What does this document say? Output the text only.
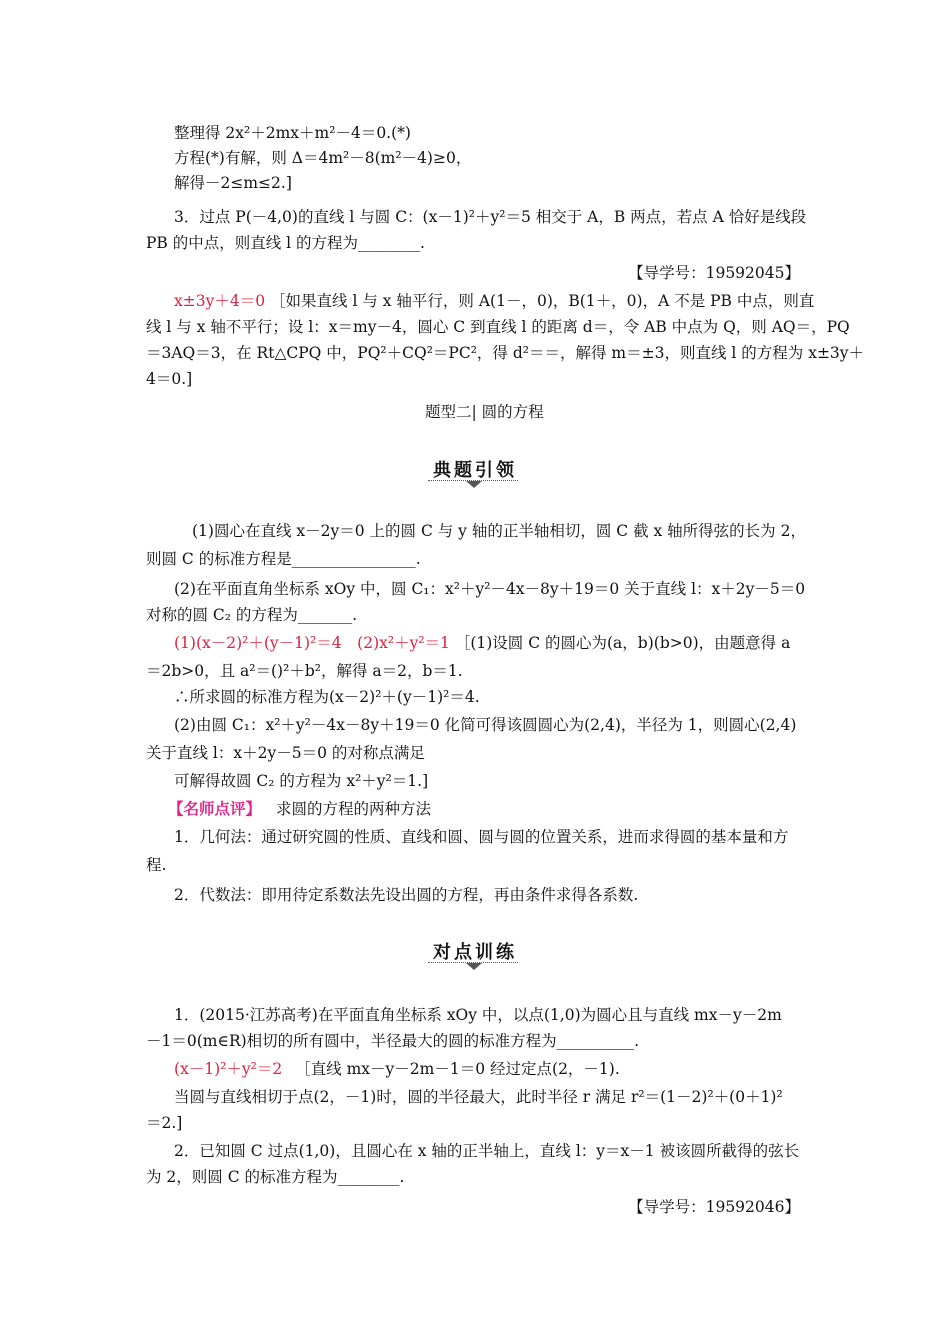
整理得 2x²＋2mx＋m²－4＝0.(*)
方程(*)有解，则 Δ＝4m²－8(m²－4)≥0，
解得－2≤m≤2.]
3．过点 P(－4,0)的直线 l 与圆 C：(x－1)²＋y²＝5 相交于 A，B 两点，若点 A 恰好是线段
PB 的中点，则直线 l 的方程为________.
【导学号：19592045】
x±3y＋4＝0 ［如果直线 l 与 x 轴平行，则 A(1－，0)，B(1＋，0)，A 不是 PB 中点，则直
线 l 与 x 轴不平行；设 l：x＝my－4，圆心 C 到直线 l 的距离 d＝，令 AB 中点为 Q，则 AQ＝，PQ
＝3AQ＝3，在 Rt△CPQ 中，PQ²＋CQ²＝PC²，得 d²＝＝，解得 m＝±3，则直线 l 的方程为 x±3y＋
4＝0.]
题型二| 圆的方程
典题引领
(1)圆心在直线 x－2y＝0 上的圆 C 与 y 轴的正半轴相切，圆 C 截 x 轴所得弦的长为 2，
则圆 C 的标准方程是________________.
(2)在平面直角坐标系 xOy 中，圆 C₁：x²＋y²－4x－8y＋19＝0 关于直线 l：x＋2y－5＝0
对称的圆 C₂ 的方程为_______.
(1)(x－2)²＋(y－1)²＝4　(2)x²＋y²＝1 ［(1)设圆 C 的圆心为(a，b)(b>0)，由题意得 a
＝2b>0，且 a²＝()²＋b²，解得 a＝2，b＝1.
∴所求圆的标准方程为(x－2)²＋(y－1)²＝4.
(2)由圆 C₁：x²＋y²－4x－8y＋19＝0 化简可得该圆圆心为(2,4)，半径为 1，则圆心(2,4)
关于直线 l：x＋2y－5＝0 的对称点满足
可解得故圆 C₂ 的方程为 x²＋y²＝1.]
【名师点评】 求圆的方程的两种方法
1．几何法：通过研究圆的性质、直线和圆、圆与圆的位置关系，进而求得圆的基本量和方
程.
2．代数法：即用待定系数法先设出圆的方程，再由条件求得各系数.
对点训练
1．(2015·江苏高考)在平面直角坐标系 xOy 中，以点(1,0)为圆心且与直线 mx－y－2m
－1＝0(m∈R)相切的所有圆中，半径最大的圆的标准方程为__________.
(x－1)²＋y²＝2 ［直线 mx－y－2m－1＝0 经过定点(2，－1).
当圆与直线相切于点(2，－1)时，圆的半径最大，此时半径 r 满足 r²＝(1－2)²＋(0＋1)²
＝2.]
2．已知圆 C 过点(1,0)，且圆心在 x 轴的正半轴上，直线 l：y＝x－1 被该圆所截得的弦长
为 2，则圆 C 的标准方程为________.
【导学号：19592046】
